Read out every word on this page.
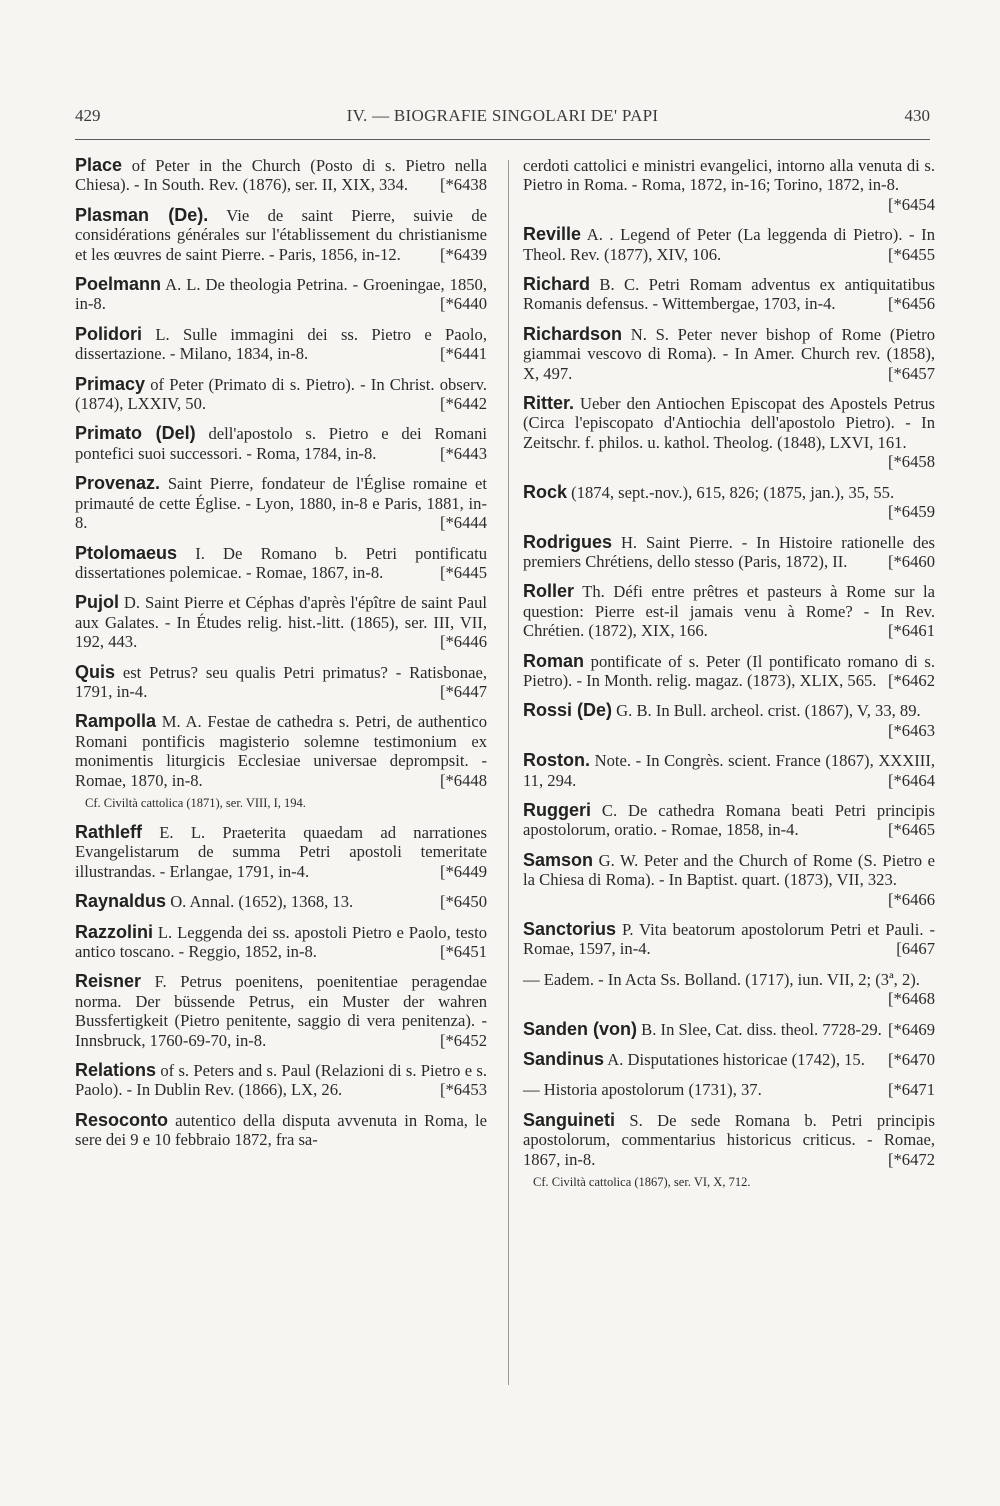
429	IV. — BIOGRAFIE SINGOLARI DE' PAPI	430
Place of Peter in the Church (Posto di s. Pietro nella Chiesa). - In South. Rev. (1876), ser. II, XIX, 334. [*6438
Plasman (De). Vie de saint Pierre, suivie de considérations générales sur l'établissement du christianisme et les œuvres de saint Pierre. - Paris, 1856, in-12. [*6439
Poelmann A. L. De theologia Petrina. - Groeningae, 1850, in-8.	[*6440
Polidori L. Sulle immagini dei ss. Pietro e Paolo, dissertazione. - Milano, 1834, in-8.	[*6441
Primacy of Peter (Primato di s. Pietro). - In Christ. observ. (1874), LXXIV, 50.	[*6442
Primato (Del) dell'apostolo s. Pietro e dei Romani pontefici suoi successori. - Roma, 1784, in-8.	[*6443
Provenaz. Saint Pierre, fondateur de l'Église romaine et primauté de cette Église. - Lyon, 1880, in-8 e Paris, 1881, in-8.	[*6444
Ptolomaeus I. De Romano b. Petri pontificatu dissertationes polemicae. - Romae, 1867, in-8.	[*6445
Pujol D. Saint Pierre et Céphas d'après l'épître de saint Paul aux Galates. - In Études relig. hist.-litt. (1865), ser. III, VII, 192, 443.	[*6446
Quis est Petrus? seu qualis Petri primatus? - Ratisbonae, 1791, in-4.	[*6447
Rampolla M. A. Festae de cathedra s. Petri, de authentico Romani pontificis magisterio solemne testimonium ex monimentis liturgicis Ecclesiae universae deprompsit. - Romae, 1870, in-8.	[*6448
Cf. Civiltà cattolica (1871), ser. VIII, I, 194.
Rathleff E. L. Praeterita quaedam ad narrationes Evangelistarum de summa Petri apostoli temeritate illustrandas. - Erlangae, 1791, in-4.	[*6449
Raynaldus O. Annal. (1652), 1368, 13.	[*6450
Razzolini L. Leggenda dei ss. apostoli Pietro e Paolo, testo antico toscano. - Reggio, 1852, in-8.	[*6451
Reisner F. Petrus poenitens, poenitentiae peragendae norma. Der büssende Petrus, ein Muster der wahren Bussfertigkeit (Pietro penitente, saggio di vera penitenza). - Innsbruck, 1760-69-70, in-8.	[*6452
Relations of s. Peters and s. Paul (Relazioni di s. Pietro e s. Paolo). - In Dublin Rev. (1866), LX, 26.	[*6453
Resoconto autentico della disputa avvenuta in Roma, le sere dei 9 e 10 febbraio 1872, fra sa-
cerdoti cattolici e ministri evangelici, intorno alla venuta di s. Pietro in Roma. - Roma, 1872, in-16; Torino, 1872, in-8.
[*6454
Reville A. . Legend of Peter (La leggenda di Pietro). - In Theol. Rev. (1877), XIV, 106.	[*6455
Richard B. C. Petri Romam adventus ex antiquitatibus Romanis defensus. - Wittembergae, 1703, in-4.	[*6456
Richardson N. S. Peter never bishop of Rome (Pietro giammai vescovo di Roma). - In Amer. Church rev. (1858), X, 497.	[*6457
Ritter. Ueber den Antiochen Episcopat des Apostels Petrus (Circa l'episcopato d'Antiochia dell'apostolo Pietro). - In Zeitschr. f. philos. u. kathol. Theolog. (1848), LXVI, 161.
[*6458
Rock (1874, sept.-nov.), 615, 826; (1875, jan.), 35, 55.
[*6459
Rodrigues H. Saint Pierre. - In Histoire rationelle des premiers Chrétiens, dello stesso (Paris, 1872), II. [*6460
Roller Th. Défi entre prêtres et pasteurs à Rome sur la question: Pierre est-il jamais venu à Rome? - In Rev. Chrétien. (1872), XIX, 166.	[*6461
Roman pontificate of s. Peter (Il pontificato romano di s. Pietro). - In Month. relig. magaz. (1873), XLIX, 565. [*6462
Rossi (De) G. B. In Bull. archeol. crist. (1867), V, 33, 89.
[*6463
Roston. Note. - In Congrès. scient. France (1867), XXXIII, 11, 294.	[*6464
Ruggeri C. De cathedra Romana beati Petri principis apostolorum, oratio. - Romae, 1858, in-4.	[*6465
Samson G. W. Peter and the Church of Rome (S. Pietro e la Chiesa di Roma). - In Baptist. quart. (1873), VII, 323.
[*6466
Sanctorius P. Vita beatorum apostolorum Petri et Pauli. - Romae, 1597, in-4.	[6467
— Eadem. - In Acta Ss. Bolland. (1717), iun. VII, 2; (3ª, 2).
[*6468
Sanden (von) B. In Slee, Cat. diss. theol. 7728-29. [*6469
Sandinus A. Disputationes historicae (1742), 15. [*6470
— Historia apostolorum (1731), 37.	[*6471
Sanguineti S. De sede Romana b. Petri principis apostolorum, commentarius historicus criticus. - Romae, 1867, in-8.	[*6472
Cf. Civiltà cattolica (1867), ser. VI, X, 712.
